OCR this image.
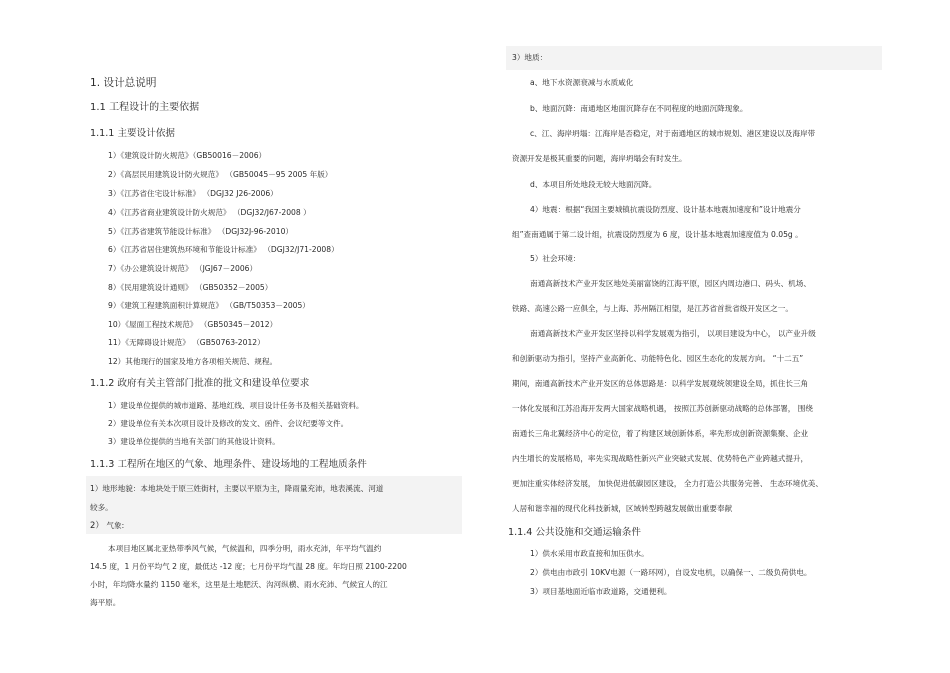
1. 设计总说明
1.1 工程设计的主要依据
1.1.1 主要设计依据
1）《建筑设计防火规范》（GB50016－2006）
2）《高层民用建筑设计防火规范》 （GB50045－95 2005 年版）
3）《江苏省住宅设计标准》 （DGJ32 J26-2006）
4）《江苏省商业建筑设计防火规范》 （DGJ32/J67-2008 ）
5）《江苏省建筑节能设计标准》 （DGJ32J-96-2010）
6）《江苏省居住建筑热环境和节能设计标准》 （DGJ32/J71-2008）
7）《办公建筑设计规范》 （JGJ67－2006）
8）《民用建筑设计通则》 （GB50352－2005）
9）《建筑工程建筑面积计算规范》 （GB/T50353－2005）
10）《屋面工程技术规范》 （GB50345－2012）
11）《无障碍设计规范》 （GB50763-2012）
12）其他现行的国家及地方各项相关规范、规程。
1.1.2 政府有关主管部门批准的批文和建设单位要求
1）建设单位提供的城市道路、基地红线、项目设计任务书及相关基础资料。
2）建设单位有关本次项目设计及修改的发文、函件、会议纪要等文件。
3）建设单位提供的当地有关部门的其他设计资料。
1.1.3 工程所在地区的气象、地理条件、建设场地的工程地质条件
1）地形地貌：本地块处于原三姓街村，主要以平原为主，降雨量充沛，地表溪流、河道
较多。
2） 气象:
本项目地区属北亚热带季风气候，气候温和，四季分明，雨水充沛，年平均气温约
14.5 度，1 月份平均气 2 度，最低达 -12 度；七月份平均气温 28 度。年均日照 2100-2200
小时，年均降水量约 1150 毫米，这里是土地肥沃、沟河纵横、雨水充沛、气候宜人的江
海平原。
3）地质：
a、地下水资源衰减与水质咸化
b、地面沉降：南通地区地面沉降存在不同程度的地面沉降现象。
c、江、海岸坍塌：江海岸是否稳定，对于南通地区的城市规划、港区建设以及海岸带
资源开发是极其重要的问题，海岸坍塌会有时发生。
d、本项目所处地段无较大地面沉降。
4）地震：根据“我国主要城镇抗震设防烈度、设计基本地震加速度和”设计地震分
组”查南通属于第二设计组，抗震设防烈度为 6 度，设计基本地震加速度值为 0.05g 。
5）社会环境：
南通高新技术产业开发区地处美丽富饶的江海平原，园区内周边港口、码头、机场、
铁路、高速公路一应俱全，与上海、苏州隔江相望，是江苏省首批省级开发区之一。
南通高新技术产业开发区坚持以科学发展观为指引， 以项目建设为中心， 以产业升级
和创新驱动为指引，坚持产业高新化、功能特色化、园区生态化的发展方向。 “十二五”
期间，南通高新技术产业开发区的总体思路是：以科学发展观统领建设全局，抓住长三角
一体化发展和江苏沿海开发两大国家战略机遇， 按照江苏创新驱动战略的总体部署， 围绕
南通长三角北翼经济中心的定位，着了构建区域创新体系，率先形成创新资源集聚、企业
内生增长的发展格局，率先实现战略性新兴产业突破式发展、优势特色产业跨越式提升，
更加注重实体经济发展， 加快促进低碳园区建设， 全力打造公共服务完善、 生态环境优美、
人居和谐幸福的现代化科技新城，区域转型跨越发展做出重要奉献
1.1.4 公共设施和交通运输条件
1）供水采用市政直接和加压供水。
2）供电由市政引 10KV电源（一路环网），自设发电机，以确保一、二级负荷供电。
3）项目基地面近临市政道路，交通便利。
